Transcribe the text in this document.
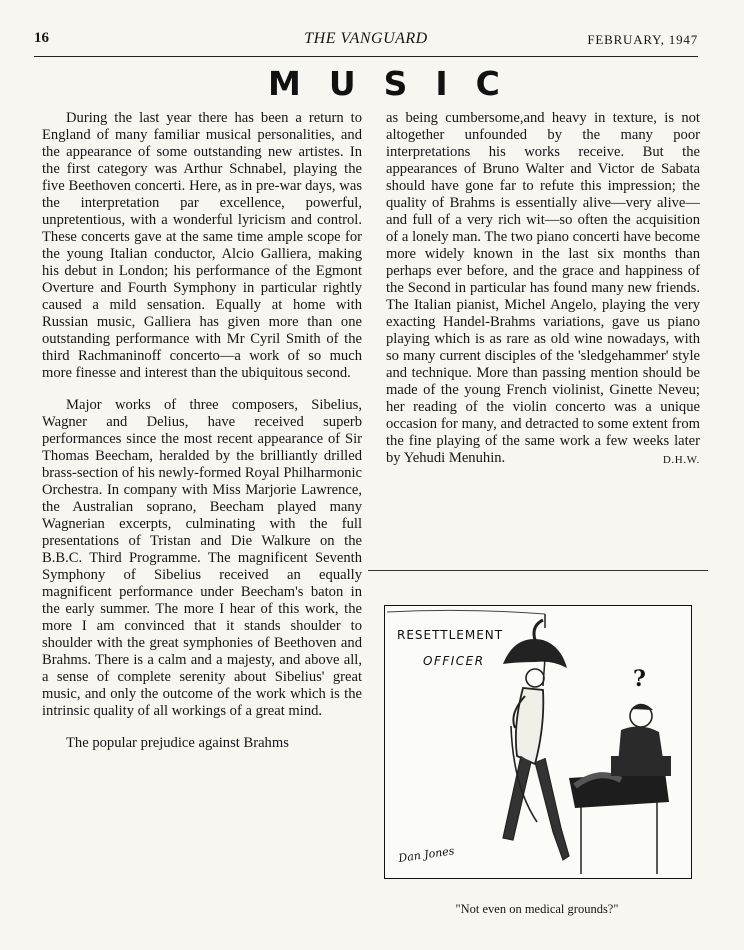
16	THE VANGUARD	FEBRUARY, 1947
MUSIC

During the last year there has been a return to England of many familiar musical personalities, and the appearance of some outstanding new artistes. In the first category was Arthur Schnabel, playing the five Beethoven concerti. Here, as in pre-war days, was the interpretation par excellence, powerful, unpretentious, with a wonderful lyricism and control. These concerts gave at the same time ample scope for the young Italian conductor, Alcio Galliera, making his debut in London; his performance of the Egmont Overture and Fourth Symphony in particular rightly caused a mild sensation. Equally at home with Russian music, Galliera has given more than one outstanding performance with Mr Cyril Smith of the third Rachmaninoff concerto—a work of so much more finesse and interest than the ubiquitous second.

Major works of three composers, Sibelius, Wagner and Delius, have received superb performances since the most recent appearance of Sir Thomas Beecham, heralded by the brilliantly drilled brass-section of his newly-formed Royal Philharmonic Orchestra. In company with Miss Marjorie Lawrence, the Australian soprano, Beecham played many Wagnerian excerpts, culminating with the full presentations of Tristan and Die Walkure on the B.B.C. Third Programme. The magnificent Seventh Symphony of Sibelius received an equally magnificent performance under Beecham's baton in the early summer. The more I hear of this work, the more I am convinced that it stands shoulder to shoulder with the great symphonies of Beethoven and Brahms. There is a calm and a majesty, and above all, a sense of complete serenity about Sibelius' great music, and only the outcome of the work which is the intrinsic quality of all workings of a great mind.

The popular prejudice against Brahms

as being cumbersome,and heavy in texture, is not altogether unfounded by the many poor interpretations his works receive. But the appearances of Bruno Walter and Victor de Sabata should have gone far to refute this impression; the quality of Brahms is essentially alive—very alive—and full of a very rich wit—so often the acquisition of a lonely man. The two piano concerti have become more widely known in the last six months than perhaps ever before, and the grace and happiness of the Second in particular has found many new friends. The Italian pianist, Michel Angelo, playing the very exacting Handel-Brahms variations, gave us piano playing which is as rare as old wine nowadays, with so many current disciples of the 'sledgehammer' style and technique. More than passing mention should be made of the young French violinist, Ginette Neveu; her reading of the violin concerto was a unique occasion for many, and detracted to some extent from the fine playing of the same work a few weeks later by Yehudi Menuhin.	D.H.W.

RESETTLEMENT
OFFICER
?
Dan Jones
"Not even on medical grounds?"
